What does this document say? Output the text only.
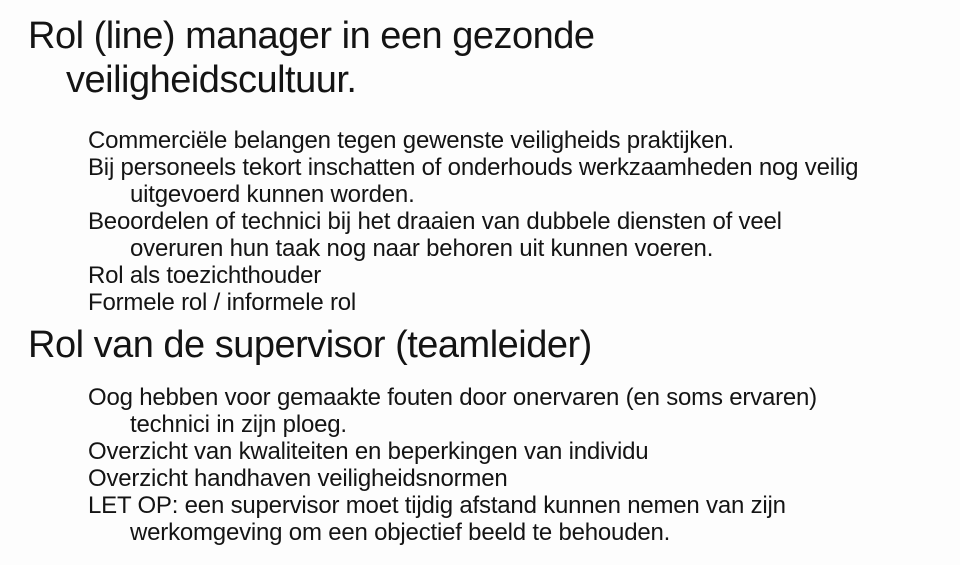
Rol (line) manager in een gezonde
veiligheidscultuur.
Commerciële belangen tegen gewenste veiligheids praktijken.
Bij personeels tekort inschatten of onderhouds werkzaamheden nog veilig
uitgevoerd kunnen worden.
Beoordelen of technici bij het draaien van dubbele diensten of veel
overuren hun taak nog naar behoren uit kunnen voeren.
Rol als toezichthouder
Formele rol / informele rol
Rol van de supervisor (teamleider)
Oog hebben voor gemaakte fouten door onervaren (en soms ervaren)
technici in zijn ploeg.
Overzicht van kwaliteiten en beperkingen van individu
Overzicht handhaven veiligheidsnormen
LET OP: een supervisor moet tijdig afstand kunnen nemen van zijn
werkomgeving om een objectief beeld te behouden.
